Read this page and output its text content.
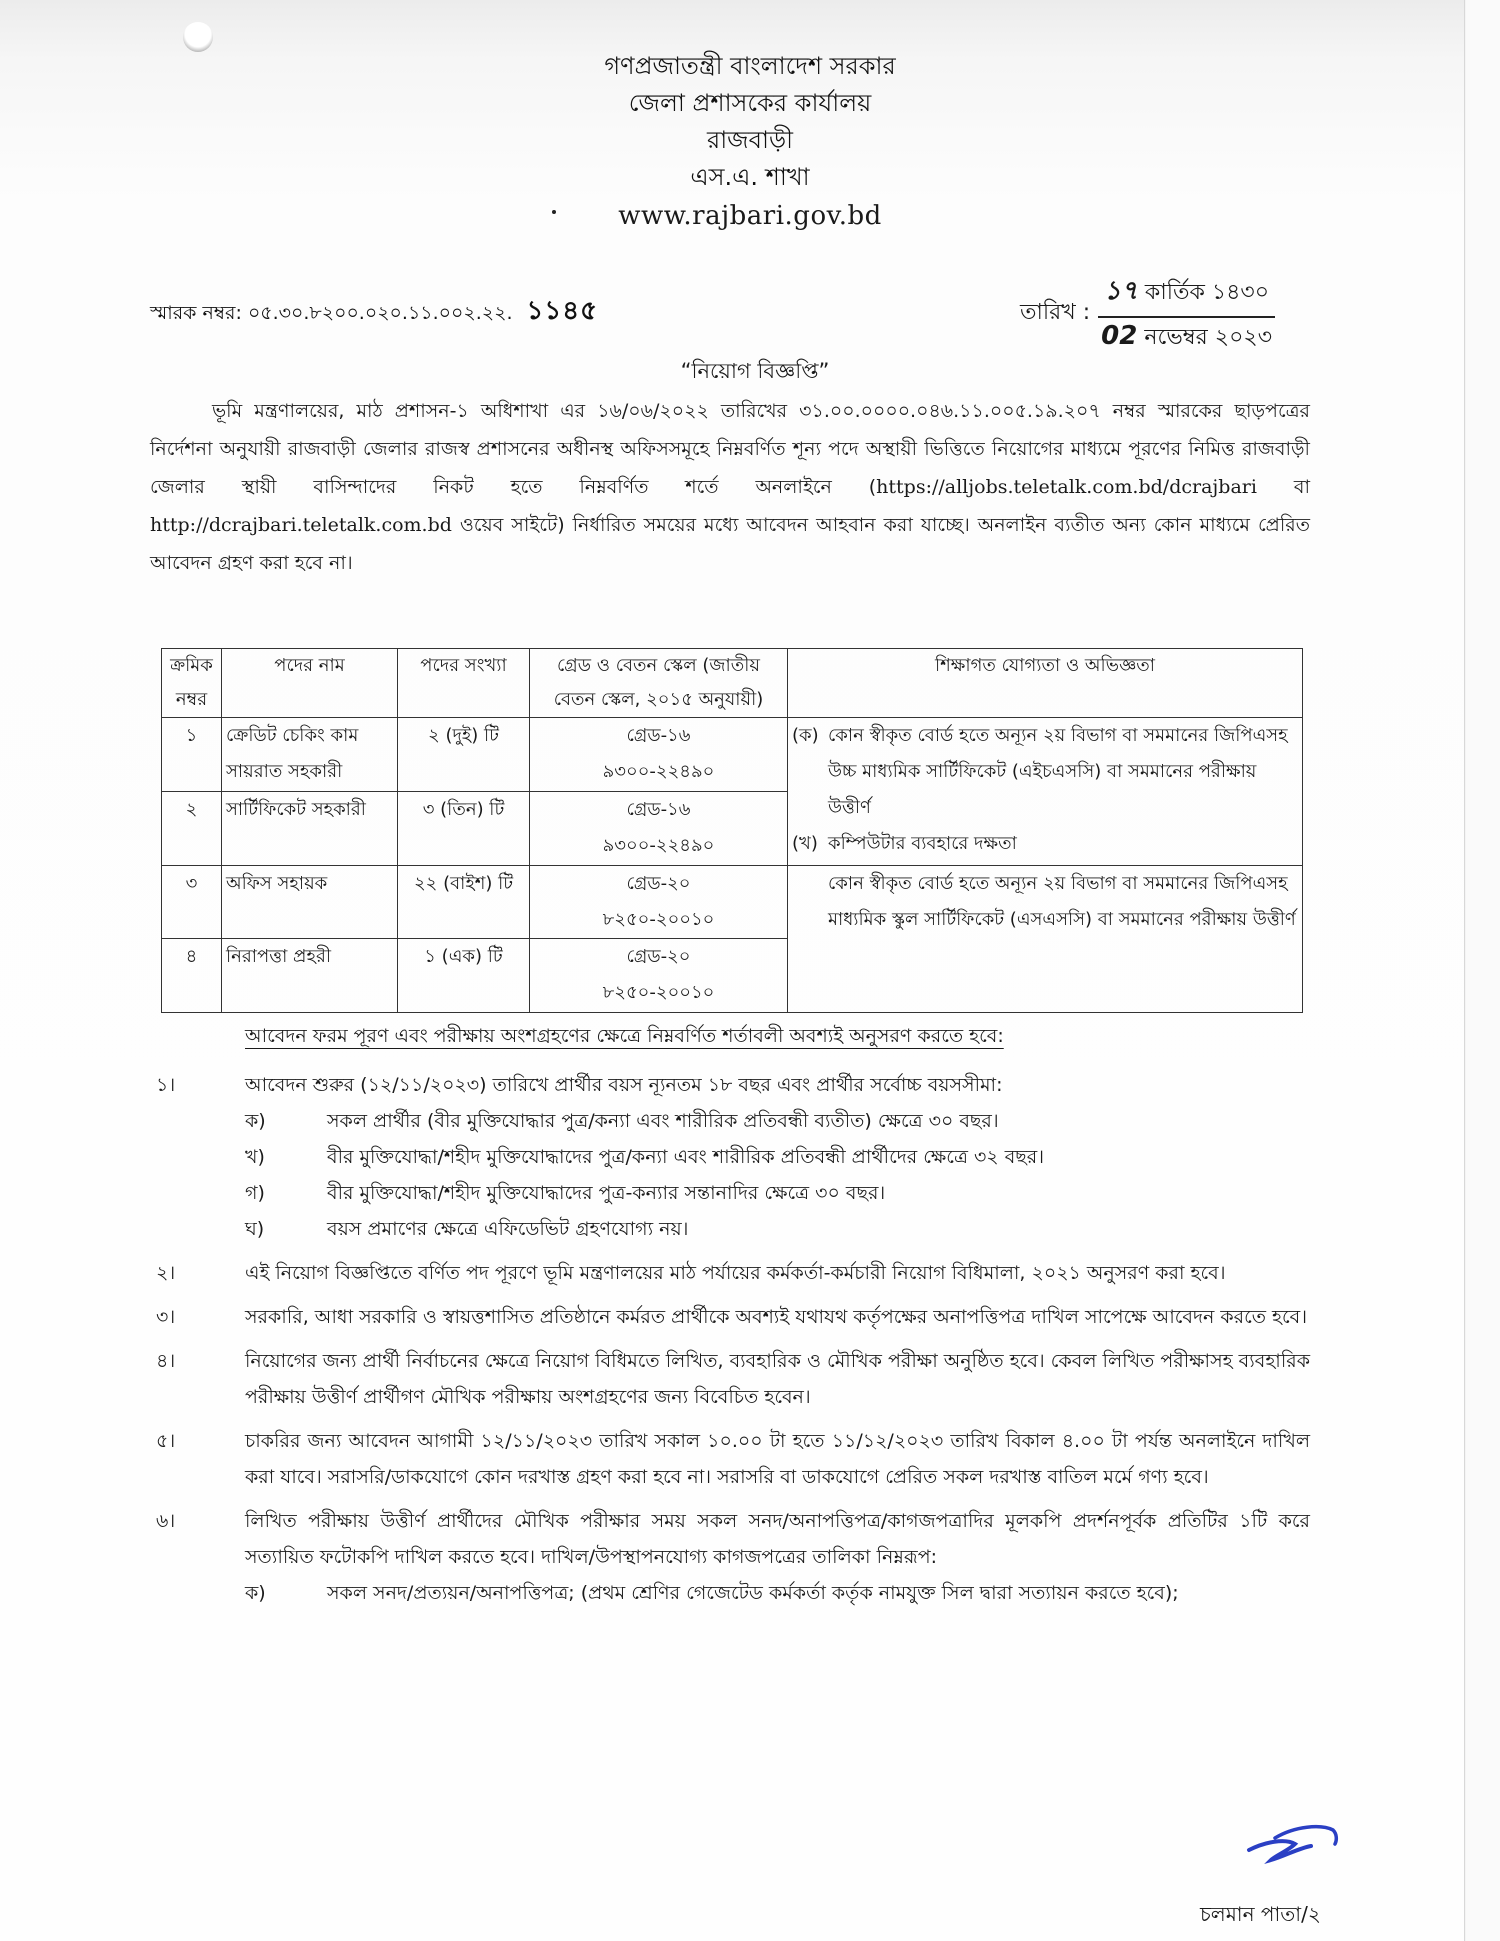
গণপ্রজাতন্ত্রী বাংলাদেশ সরকার
জেলা প্রশাসকের কার্যালয়
রাজবাড়ী
এস.এ. শাখা
www.rajbari.gov.bd
স্মারক নম্বর: ০৫.৩০.৮২০০.০২০.১১.০০২.২২. ১১৪৫	তারিখ : $\frac{\text{১৭ কার্তিক ১৪৩০}}{\text{02 নভেম্বর ২০২৩}}$
“নিয়োগ বিজ্ঞপ্তি”
ভূমি মন্ত্রণালয়ের, মাঠ প্রশাসন-১ অধিশাখা এর ১৬/০৬/২০২২ তারিখের ৩১.০০.০০০০.০৪৬.১১.০০৫.১৯.২০৭ নম্বর স্মারকের ছাড়পত্রের নির্দেশনা অনুযায়ী রাজবাড়ী জেলার রাজস্ব প্রশাসনের অধীনস্থ অফিসসমূহে নিম্নবর্ণিত শূন্য পদে অস্থায়ী ভিত্তিতে নিয়োগের মাধ্যমে পূরণের নিমিত্ত রাজবাড়ী জেলার স্থায়ী বাসিন্দাদের নিকট হতে নিম্নবর্ণিত শর্তে অনলাইনে (https://alljobs.teletalk.com.bd/dcrajbari বা http://dcrajbari.teletalk.com.bd ওয়েব সাইটে) নির্ধারিত সময়ের মধ্যে আবেদন আহবান করা যাচ্ছে। অনলাইন ব্যতীত অন্য কোন মাধ্যমে প্রেরিত আবেদন গ্রহণ করা হবে না।
ক্রমিক নম্বর	পদের নাম	পদের সংখ্যা	গ্রেড ও বেতন স্কেল (জাতীয় বেতন স্কেল, ২০১৫ অনুযায়ী)	শিক্ষাগত যোগ্যতা ও অভিজ্ঞতা
১	ক্রেডিট চেকিং কাম সায়রাত সহকারী	২ (দুই) টি	গ্রেড-১৬
৯৩০০-২২৪৯০

(ক) কোন স্বীকৃত বোর্ড হতে অন্যূন ২য় বিভাগ বা সমমানের জিপিএসহ উচ্চ মাধ্যমিক সার্টিফিকেট (এইচএসসি) বা সমমানের পরীক্ষায় উত্তীর্ণ
(খ) কম্পিউটার ব্যবহারে দক্ষতা

২	সার্টিফিকেট সহকারী	৩ (তিন) টি	গ্রেড-১৬
৯৩০০-২২৪৯০	

৩	অফিস সহায়ক	২২ (বাইশ) টি	গ্রেড-২০
৮২৫০-২০০১০	কোন স্বীকৃত বোর্ড হতে অন্যূন ২য় বিভাগ বা সমমানের জিপিএসহ মাধ্যমিক স্কুল সার্টিফিকেট (এসএসসি) বা সমমানের পরীক্ষায় উত্তীর্ণ

৪	নিরাপত্তা প্রহরী	১ (এক) টি	গ্রেড-২০
৮২৫০-২০০১০	
আবেদন ফরম পূরণ এবং পরীক্ষায় অংশগ্রহণের ক্ষেত্রে নিম্নবর্ণিত শর্তাবলী অবশ্যই অনুসরণ করতে হবে:
১।	আবেদন শুরুর (১২/১১/২০২৩) তারিখে প্রার্থীর বয়স ন্যূনতম ১৮ বছর এবং প্রার্থীর সর্বোচ্চ বয়সসীমা:
ক)	সকল প্রার্থীর (বীর মুক্তিযোদ্ধার পুত্র/কন্যা এবং শারীরিক প্রতিবন্ধী ব্যতীত) ক্ষেত্রে ৩০ বছর।
খ)	বীর মুক্তিযোদ্ধা/শহীদ মুক্তিযোদ্ধাদের পুত্র/কন্যা এবং শারীরিক প্রতিবন্ধী প্রার্থীদের ক্ষেত্রে ৩২ বছর।
গ)	বীর মুক্তিযোদ্ধা/শহীদ মুক্তিযোদ্ধাদের পুত্র-কন্যার সন্তানাদির ক্ষেত্রে ৩০ বছর।
ঘ)	বয়স প্রমাণের ক্ষেত্রে এফিডেভিট গ্রহণযোগ্য নয়।
২।	এই নিয়োগ বিজ্ঞপ্তিতে বর্ণিত পদ পূরণে ভূমি মন্ত্রণালয়ের মাঠ পর্যায়ের কর্মকর্তা-কর্মচারী নিয়োগ বিধিমালা, ২০২১ অনুসরণ করা হবে।
৩।	সরকারি, আধা সরকারি ও স্বায়ত্তশাসিত প্রতিষ্ঠানে কর্মরত প্রার্থীকে অবশ্যই যথাযথ কর্তৃপক্ষের অনাপত্তিপত্র দাখিল সাপেক্ষে আবেদন করতে হবে।
৪।	নিয়োগের জন্য প্রার্থী নির্বাচনের ক্ষেত্রে নিয়োগ বিধিমতে লিখিত, ব্যবহারিক ও মৌখিক পরীক্ষা অনুষ্ঠিত হবে। কেবল লিখিত পরীক্ষাসহ ব্যবহারিক পরীক্ষায় উত্তীর্ণ প্রার্থীগণ মৌখিক পরীক্ষায় অংশগ্রহণের জন্য বিবেচিত হবেন।
৫।	চাকরির জন্য আবেদন আগামী ১২/১১/২০২৩ তারিখ সকাল ১০.০০ টা হতে ১১/১২/২০২৩ তারিখ বিকাল ৪.০০ টা পর্যন্ত অনলাইনে দাখিল করা যাবে। সরাসরি/ডাকযোগে কোন দরখাস্ত গ্রহণ করা হবে না। সরাসরি বা ডাকযোগে প্রেরিত সকল দরখাস্ত বাতিল মর্মে গণ্য হবে।
৬।	লিখিত পরীক্ষায় উত্তীর্ণ প্রার্থীদের মৌখিক পরীক্ষার সময় সকল সনদ/অনাপত্তিপত্র/কাগজপত্রাদির মূলকপি প্রদর্শনপূর্বক প্রতিটির ১টি করে সত্যায়িত ফটোকপি দাখিল করতে হবে। দাখিল/উপস্থাপনযোগ্য কাগজপত্রের তালিকা নিম্নরূপ:
ক)	সকল সনদ/প্রত্যয়ন/অনাপত্তিপত্র; (প্রথম শ্রেণির গেজেটেড কর্মকর্তা কর্তৃক নামযুক্ত সিল দ্বারা সত্যায়ন করতে হবে);
চলমান পাতা/২
